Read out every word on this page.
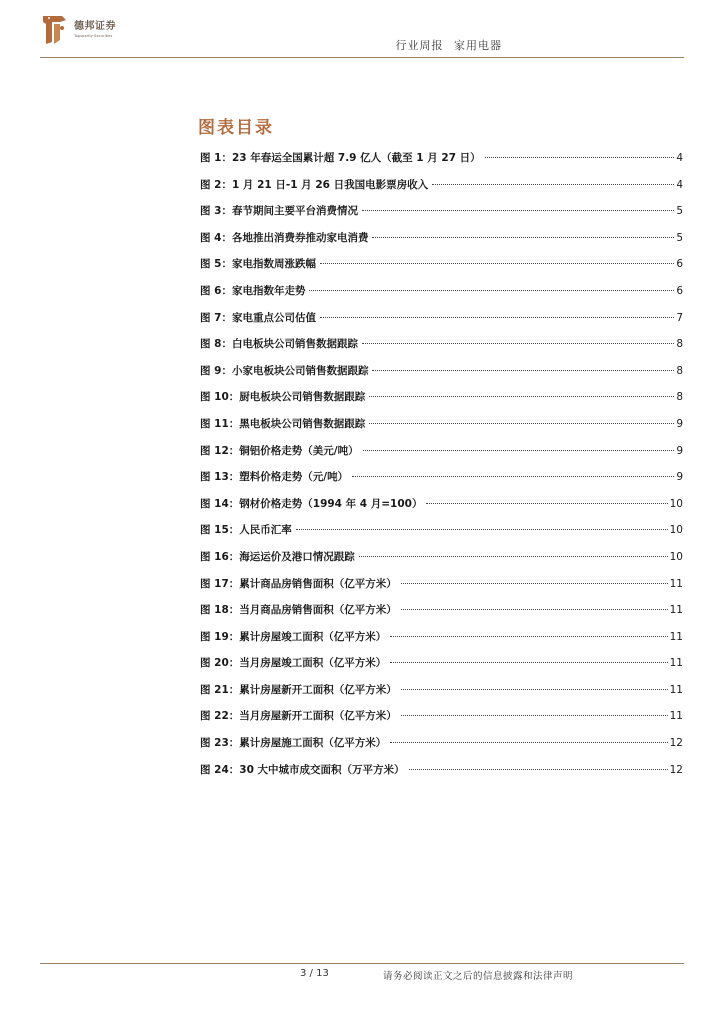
德邦证券
Topsperity Securities
行业周报 家用电器
图表目录
图 1：23 年春运全国累计超 7.9 亿人（截至 1 月 27 日）	4
图 2：1 月 21 日-1 月 26 日我国电影票房收入	4
图 3：春节期间主要平台消费情况	5
图 4：各地推出消费券推动家电消费	5
图 5：家电指数周涨跌幅	6
图 6：家电指数年走势	6
图 7：家电重点公司估值	7
图 8：白电板块公司销售数据跟踪	8
图 9：小家电板块公司销售数据跟踪	8
图 10：厨电板块公司销售数据跟踪	8
图 11：黑电板块公司销售数据跟踪	9
图 12：铜铝价格走势（美元/吨）	9
图 13：塑料价格走势（元/吨）	9
图 14：钢材价格走势（1994 年 4 月=100）	10
图 15：人民币汇率	10
图 16：海运运价及港口情况跟踪	10
图 17：累计商品房销售面积（亿平方米）	11
图 18：当月商品房销售面积（亿平方米）	11
图 19：累计房屋竣工面积（亿平方米）	11
图 20：当月房屋竣工面积（亿平方米）	11
图 21：累计房屋新开工面积（亿平方米）	11
图 22：当月房屋新开工面积（亿平方米）	11
图 23：累计房屋施工面积（亿平方米）	12
图 24：30 大中城市成交面积（万平方米）	12
3 / 13	请务必阅读正文之后的信息披露和法律声明
